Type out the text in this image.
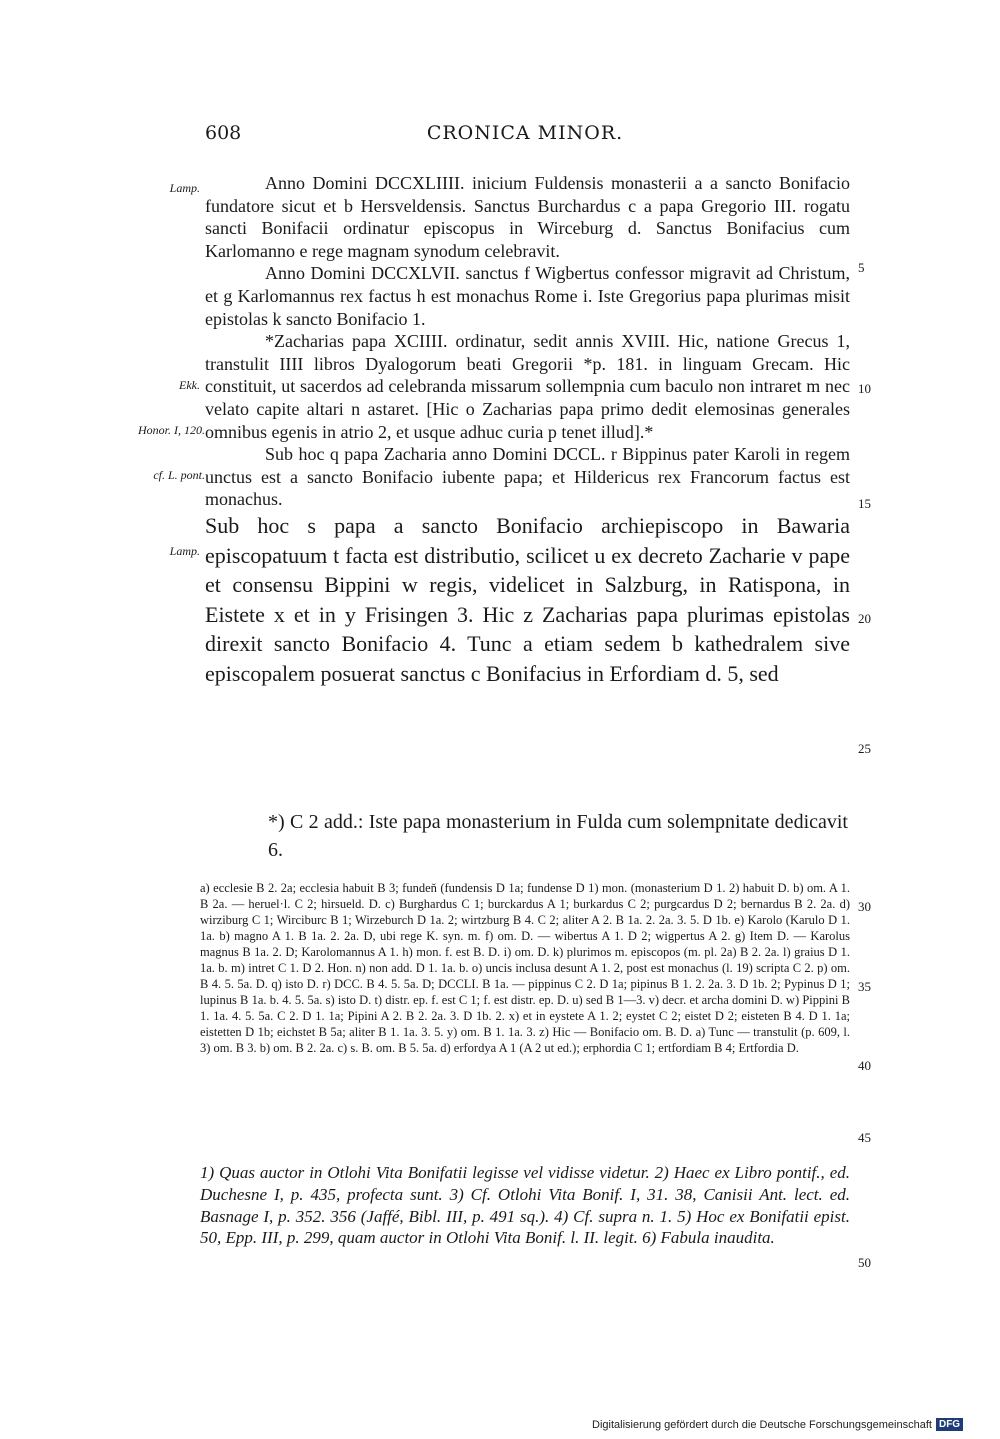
608	CRONICA MINOR.
Lamp.
Ekk.
Honor. I, 120.
cf. L. pont.
Lamp.
5
10
15
20
25
30
35
40
45
50

Anno Domini DCCXLIIII. inicium Fuldensis monasterii a a sancto Bonifacio fundatore sicut et b Hersveldensis. Sanctus Burchardus c a papa Gregorio III. rogatu sancti Bonifacii ordinatur episcopus in Wirceburg d. Sanctus Bonifacius cum Karlomanno e rege magnam synodum celebravit.

Anno Domini DCCXLVII. sanctus f Wigbertus confessor migravit ad Christum, et g Karlomannus rex factus h est monachus Rome i. Iste Gregorius papa plurimas misit epistolas k sancto Bonifacio 1.

*Zacharias papa XCIIII. ordinatur, sedit annis XVIII. Hic, natione Grecus 1, transtulit IIII libros Dyalogorum beati Gregorii *p. 181. in linguam Grecam. Hic constituit, ut sacerdos ad celebranda missarum sollempnia cum baculo non intraret m nec velato capite altari n astaret. [Hic o Zacharias papa primo dedit elemosinas generales omnibus egenis in atrio 2, et usque adhuc curia p tenet illud].*

Sub hoc q papa Zacharia anno Domini DCCL. r Bippinus pater Karoli in regem unctus est a sancto Bonifacio iubente papa; et Hildericus rex Francorum factus est monachus.

Sub hoc s papa a sancto Bonifacio archiepiscopo in Bawaria episcopatuum t facta est distributio, scilicet u ex decreto Zacharie v pape et consensu Bippini w regis, videlicet in Salzburg, in Ratispona, in Eistete x et in y Frisingen 3. Hic z Zacharias papa plurimas epistolas direxit sancto Bonifacio 4. Tunc a etiam sedem b kathedralem sive episcopalem posuerat sanctus c Bonifacius in Erfordiam d. 5, sed

*) C 2 add.: Iste papa monasterium in Fulda cum solempnitate dedicavit 6.
a) ecclesie B 2. 2a; ecclesia habuit B 3; fundeň (fundensis D 1a; fundense D 1) mon. (monasterium D 1. 2) habuit D. b) om. A 1. B 2a. — heruel·l. C 2; hirsueld. D. c) Burghardus C 1; burckardus A 1; burkardus C 2; purgcardus D 2; bernardus B 2. 2a. d) wirziburg C 1; Wirciburc B 1; Wirzeburch D 1a. 2; wirtzburg B 4. C 2; aliter A 2. B 1a. 2. 2a. 3. 5. D 1b. e) Karolo (Karulo D 1. 1a. b) magno A 1. B 1a. 2. 2a. D, ubi rege K. syn. m. f) om. D. — wibertus A 1. D 2; wigpertus A 2. g) Item D. — Karolus magnus B 1a. 2. D; Karolomannus A 1. h) mon. f. est B. D. i) om. D. k) plurimos m. episcopos (m. pl. 2a) B 2. 2a. l) graius D 1. 1a. b. m) intret C 1. D 2. Hon. n) non add. D 1. 1a. b. o) uncis inclusa desunt A 1. 2, post est monachus (l. 19) scripta C 2. p) om. B 4. 5. 5a. D. q) isto D. r) DCC. B 4. 5. 5a. D; DCCLI. B 1a. — pippinus C 2. D 1a; pipinus B 1. 2. 2a. 3. D 1b. 2; Pypinus D 1; lupinus B 1a. b. 4. 5. 5a. s) isto D. t) distr. ep. f. est C 1; f. est distr. ep. D. u) sed B 1—3. v) decr. et archa domini D. w) Pippini B 1. 1a. 4. 5. 5a. C 2. D 1. 1a; Pipini A 2. B 2. 2a. 3. D 1b. 2. x) et in eystete A 1. 2; eystet C 2; eistet D 2; eisteten B 4. D 1. 1a; eistetten D 1b; eichstet B 5a; aliter B 1. 1a. 3. 5. y) om. B 1. 1a. 3. z) Hic — Bonifacio om. B. D. a) Tunc — transtulit (p. 609, l. 3) om. B 3. b) om. B 2. 2a. c) s. B. om. B 5. 5a. d) erfordya A 1 (A 2 ut ed.); erphordia C 1; ertfordiam B 4; Ertfordia D.
1) Quas auctor in Otlohi Vita Bonifatii legisse vel vidisse videtur. 2) Haec ex Libro pontif., ed. Duchesne I, p. 435, profecta sunt. 3) Cf. Otlohi Vita Bonif. I, 31. 38, Canisii Ant. lect. ed. Basnage I, p. 352. 356 (Jaffé, Bibl. III, p. 491 sq.). 4) Cf. supra n. 1. 5) Hoc ex Bonifatii epist. 50, Epp. III, p. 299, quam auctor in Otlohi Vita Bonif. l. II. legit. 6) Fabula inaudita.
Digitalisierung gefördert durch die Deutsche Forschungsgemeinschaft DFG
